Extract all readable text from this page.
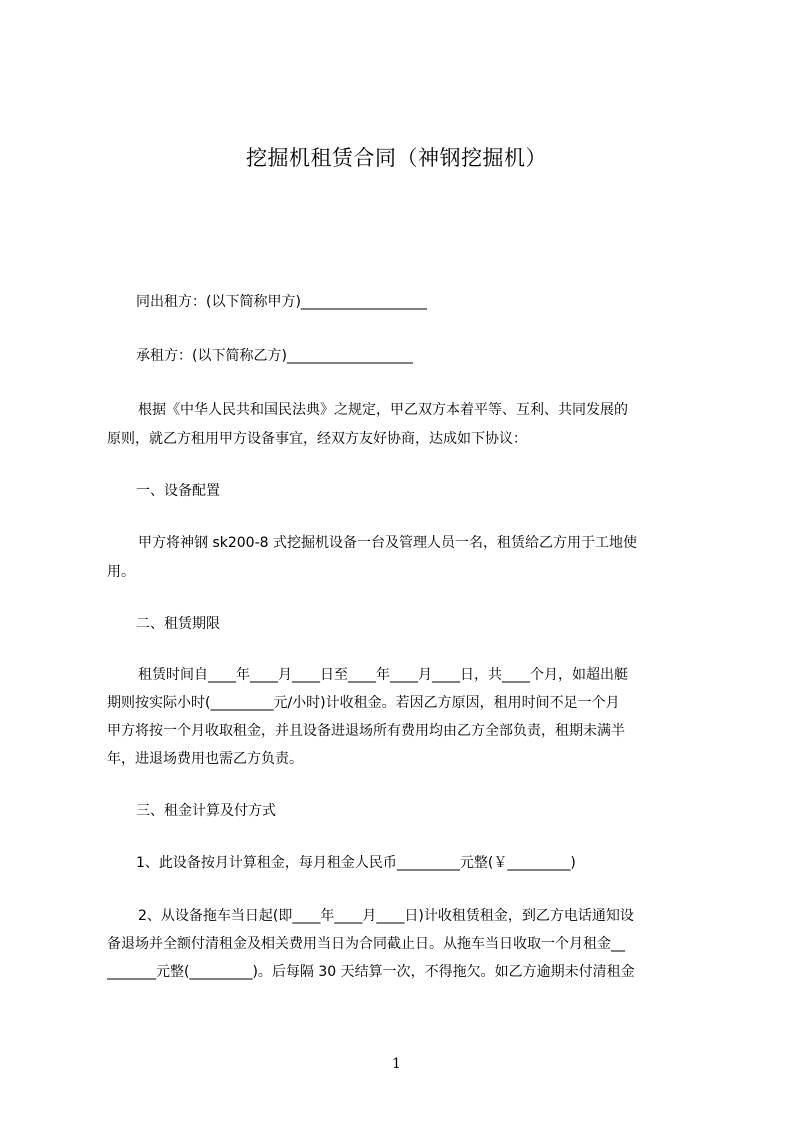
挖掘机租赁合同（神钢挖掘机）
同出租方：(以下简称甲方)__________________
承租方：(以下简称乙方)__________________
根据《中华人民共和国民法典》之规定，甲乙双方本着平等、互利、共同发展的
原则，就乙方租用甲方设备事宜，经双方友好协商，达成如下协议：
一、设备配置
甲方将神钢 sk200-8 式挖掘机设备一台及管理人员一名，租赁给乙方用于工地使
用。
二、租赁期限
租赁时间自____年____月____日至____年____月____日，共____个月，如超出艇
期则按实际小时(_________元/小时)计收租金。若因乙方原因，租用时间不足一个月
甲方将按一个月收取租金，并且设备进退场所有费用均由乙方全部负责，租期未满半
年，进退场费用也需乙方负责。
三、租金计算及付方式
1、此设备按月计算租金，每月租金人民币_________元整(￥_________)
2、从设备拖车当日起(即____年____月____日)计收租赁租金，到乙方电话通知设
备退场并全额付清租金及相关费用当日为合同截止日。从拖车当日收取一个月租金__
_______元整(_________)。后每隔 30 天结算一次，不得拖欠。如乙方逾期未付清租金
1
